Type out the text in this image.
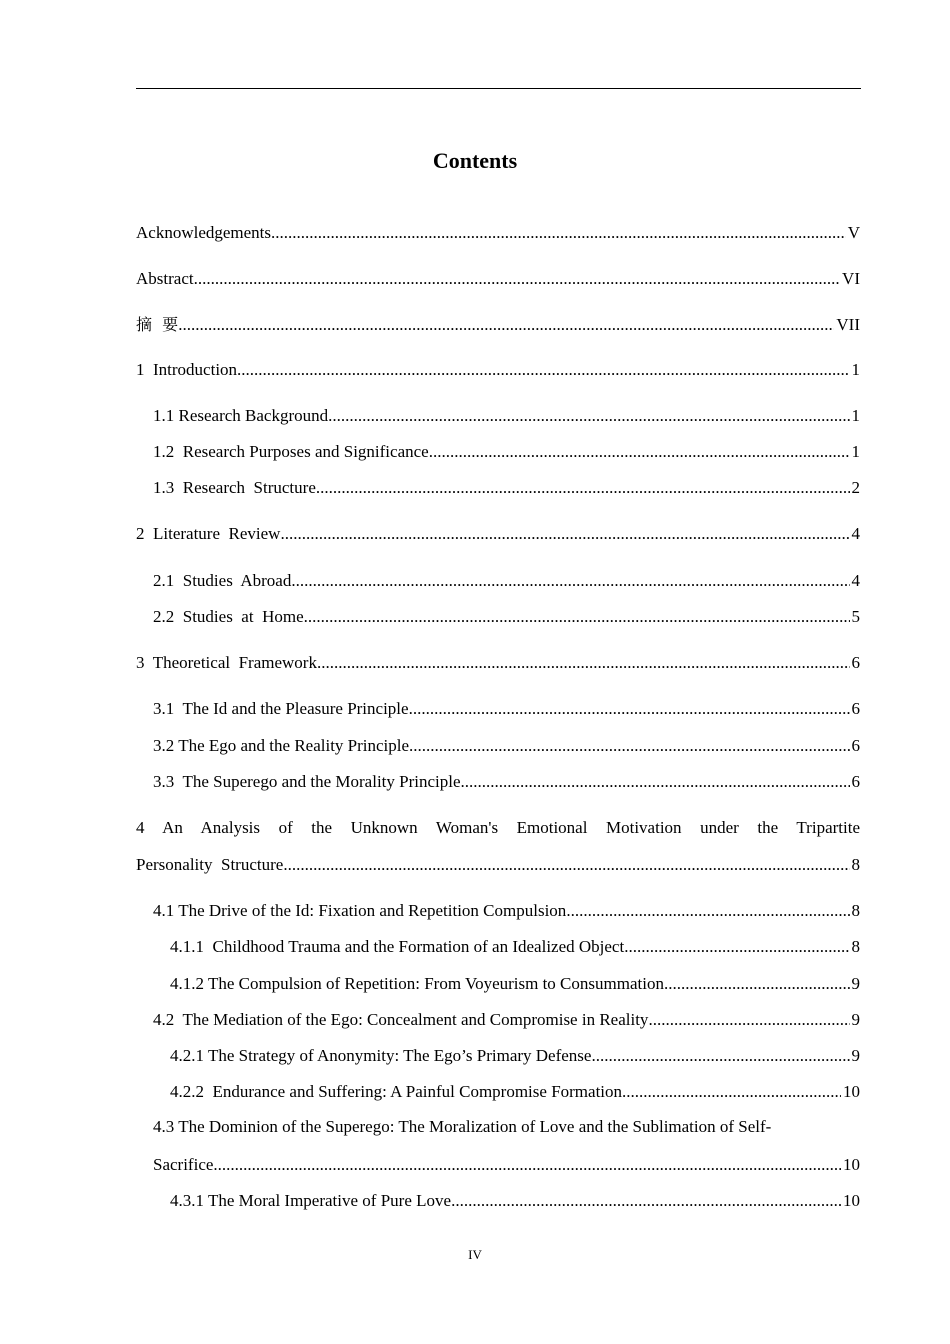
Contents
Acknowledgements .....	V
Abstract .....	VI
摘  要 .....	VII
1  Introduction .....	1
1.1 Research Background .....	1
1.2  Research Purposes and Significance .....	1
1.3  Research  Structure .....	2
2  Literature  Review .....	4
2.1  Studies  Abroad .....	4
2.2  Studies  at  Home .....	5
3  Theoretical  Framework .....	6
3.1  The Id and the Pleasure Principle .....	6
3.2 The Ego and the Reality Principle .....	6
3.3  The Superego and the Morality Principle .....	6
4 An Analysis of the Unknown Woman's Emotional Motivation under the Tripartite
Personality  Structure .....	8
4.1 The Drive of the Id: Fixation and Repetition Compulsion .....	8
4.1.1  Childhood Trauma and the Formation of an Idealized Object .....	8
4.1.2 The Compulsion of Repetition: From Voyeurism to Consummation .....	9
4.2  The Mediation of the Ego: Concealment and Compromise in Reality .....	9
4.2.1 The Strategy of Anonymity: The Ego’s Primary Defense .....	9
4.2.2  Endurance and Suffering: A Painful Compromise Formation .....	10
4.3 The Dominion of the Superego: The Moralization of Love and the Sublimation of Self-
Sacrifice .....	10
4.3.1 The Moral Imperative of Pure Love .....	10
IV
